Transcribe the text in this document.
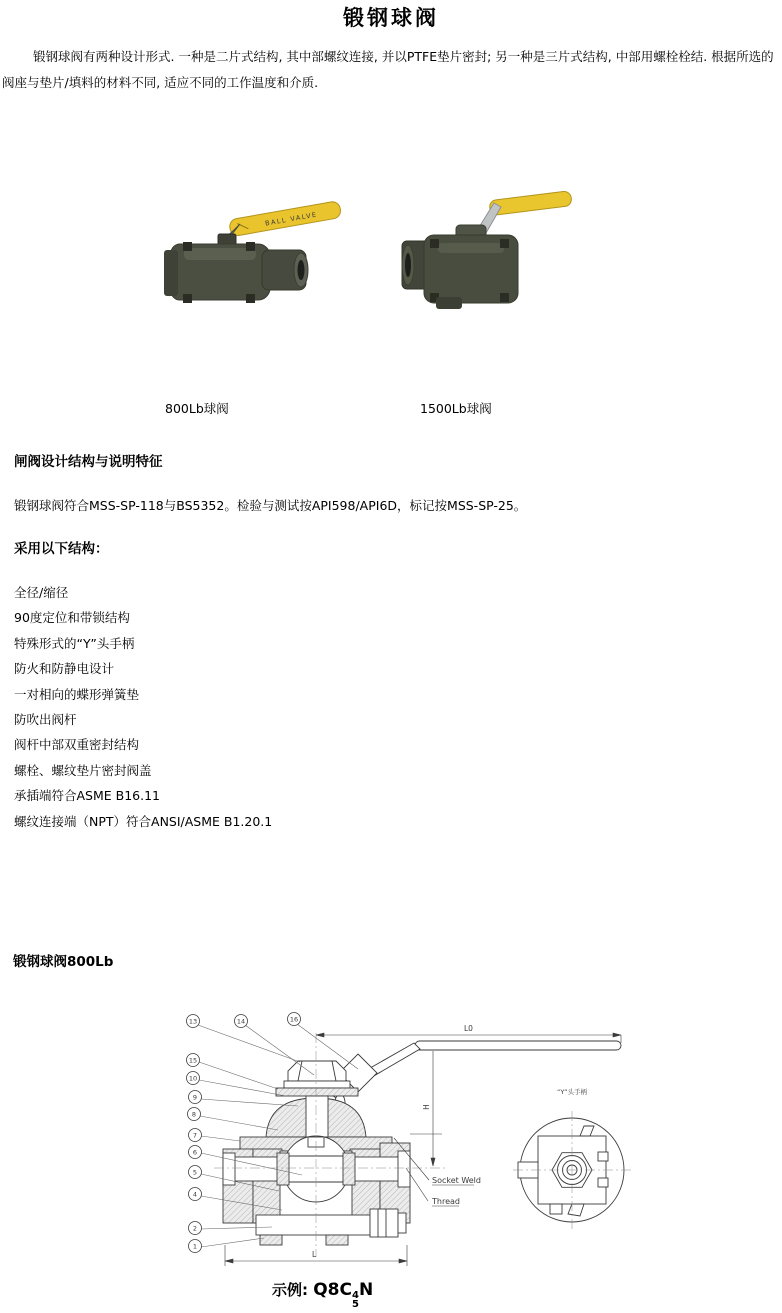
锻钢球阀
锻钢球阀有两种设计形式. 一种是二片式结构, 其中部螺纹连接, 并以PTFE垫片密封; 另一种是三片式结构, 中部用螺栓栓结. 根据所选的阀座与垫片/填料的材料不同, 适应不同的工作温度和介质.
BALL VALVE
800Lb球阀	1500Lb球阀
闸阀设计结构与说明特征
锻钢球阀符合MSS-SP-118与BS5352。检验与测试按API598/API6D，标记按MSS-SP-25。
采用以下结构：
全径/缩径
90度定位和带锁结构
特殊形式的“Y”头手柄
防火和防静电设计
一对相向的蝶形弹簧垫
防吹出阀杆
阀杆中部双重密封结构
螺栓、螺纹垫片密封阀盖
承插端符合ASME B16.11
螺纹连接端（NPT）符合ANSI/ASME B1.20.1
锻钢球阀800Lb
L0
H
L
Socket Weld
Thread
13	14	16
15
10
9
8
7
6
5
4
2
1
“Y”头手柄
示例: Q8C 4
5
N
